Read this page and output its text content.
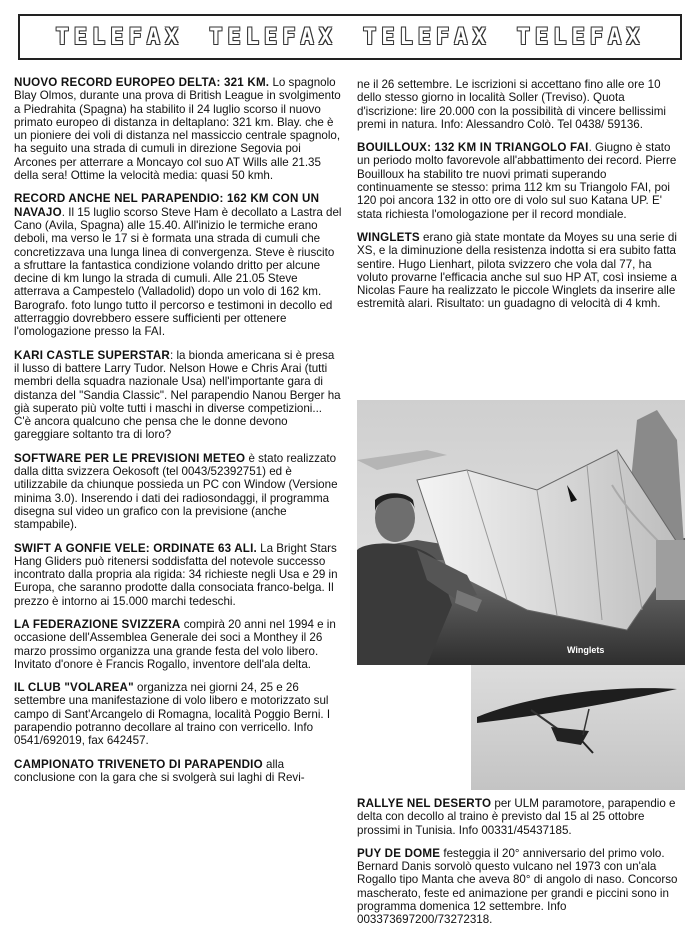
TELEFAX TELEFAX TELEFAX TELEFAX

NUOVO RECORD EUROPEO DELTA: 321 KM. Lo spagnolo Blay Olmos, durante una prova di British League in svolgimento a Piedrahita (Spagna) ha stabilito il 24 luglio scorso il nuovo primato europeo di distanza in deltaplano: 321 km. Blay. che è un pioniere dei voli di distanza nel massiccio centrale spagnolo, ha seguito una strada di cumuli in direzione Segovia poi Arcones per atterrare a Moncayo col suo AT Wills alle 21.35 della sera! Ottime la velocità media: quasi 50 kmh.

RECORD ANCHE NEL PARAPENDIO: 162 KM CON UN NAVAJO. Il 15 luglio scorso Steve Ham è decollato a Lastra del Cano (Avila, Spagna) alle 15.40. All'inizio le termiche erano deboli, ma verso le 17 si è formata una strada di cumuli che concretizzava una lunga linea di convergenza. Steve è riuscito a sfruttare la fantastica condizione volando dritto per alcune decine di km lungo la strada di cumuli. Alle 21.05 Steve atterrava a Campestelo (Valladolid) dopo un volo di 162 km. Barografo. foto lungo tutto il percorso e testimoni in decollo ed atterraggio dovrebbero essere sufficienti per ottenere l'omologazione presso la FAI.

KARI CASTLE SUPERSTAR: la bionda americana si è presa il lusso di battere Larry Tudor. Nelson Howe e Chris Arai (tutti membri della squadra nazionale Usa) nell'importante gara di distanza del "Sandia Classic". Nel parapendio Nanou Berger ha già superato più volte tutti i maschi in diverse competizioni... C'è ancora qualcuno che pensa che le donne devono gareggiare soltanto tra di loro?

SOFTWARE PER LE PREVISIONI METEO è stato realizzato dalla ditta svizzera Oekosoft (tel 0043/52392751) ed è utilizzabile da chiunque possieda un PC con Window (Versione minima 3.0). Inserendo i dati dei radiosondaggi, il programma disegna sul video un grafico con la previsione (anche stampabile).

SWIFT A GONFIE VELE: ORDINATE 63 ALI. La Bright Stars Hang Gliders può ritenersi soddisfatta del notevole successo incontrato dalla propria ala rigida: 34 richieste negli Usa e 29 in Europa, che saranno prodotte dalla consociata franco-belga. Il prezzo è intorno ai 15.000 marchi tedeschi.

LA FEDERAZIONE SVIZZERA compirà 20 anni nel 1994 e in occasione dell'Assemblea Generale dei soci a Monthey il 26 marzo prossimo organizza una grande festa del volo libero. Invitato d'onore è Francis Rogallo, inventore dell'ala delta.

IL CLUB "VOLAREA" organizza nei giorni 24, 25 e 26 settembre una manifestazione di volo libero e motorizzato sul campo di Sant'Arcangelo di Romagna, località Poggio Berni. I parapendio potranno decollare al traino con verricello. Info 0541/692019, fax 642457.

CAMPIONATO TRIVENETO DI PARAPENDIO alla conclusione con la gara che si svolgerà sui laghi di Revi-

ne il 26 settembre. Le iscrizioni si accettano fino alle ore 10 dello stesso giorno in località Soller (Treviso). Quota d'iscrizione: lire 20.000 con la possibilità di vincere bellissimi premi in natura. Info: Alessandro Colò. Tel 0438/ 59136.

BOUILLOUX: 132 KM IN TRIANGOLO FAI. Giugno è stato un periodo molto favorevole all'abbattimento dei record. Pierre Bouilloux ha stabilito tre nuovi primati superando continuamente se stesso: prima 112 km su Triangolo FAI, poi 120 poi ancora 132 in otto ore di volo sul suo Katana UP. E' stata richiesta l'omologazione per il record mondiale.

WINGLETS erano già state montate da Moyes su una serie di XS, e la diminuzione della resistenza indotta si era subito fatta sentire. Hugo Lienhart, pilota svizzero che vola dal 77, ha voluto provarne l'efficacia anche sul suo HP AT, così insieme a Nicolas Faure ha realizzato le piccole Winglets da inserire alle estremità alari. Risultato: un guadagno di velocità di 4 kmh.

Winglets

RALLYE NEL DESERTO per ULM paramotore, parapendio e delta con decollo al traino è previsto dal 15 al 25 ottobre prossimi in Tunisia. Info 00331/45437185.

PUY DE DOME festeggia il 20° anniversario del primo volo. Bernard Danis sorvolò questo vulcano nel 1973 con un'ala Rogallo tipo Manta che aveva 80° di angolo di naso. Concorso mascherato, feste ed animazione per grandi e piccini sono in programma domenica 12 settembre. Info 003373697200/73272318.
